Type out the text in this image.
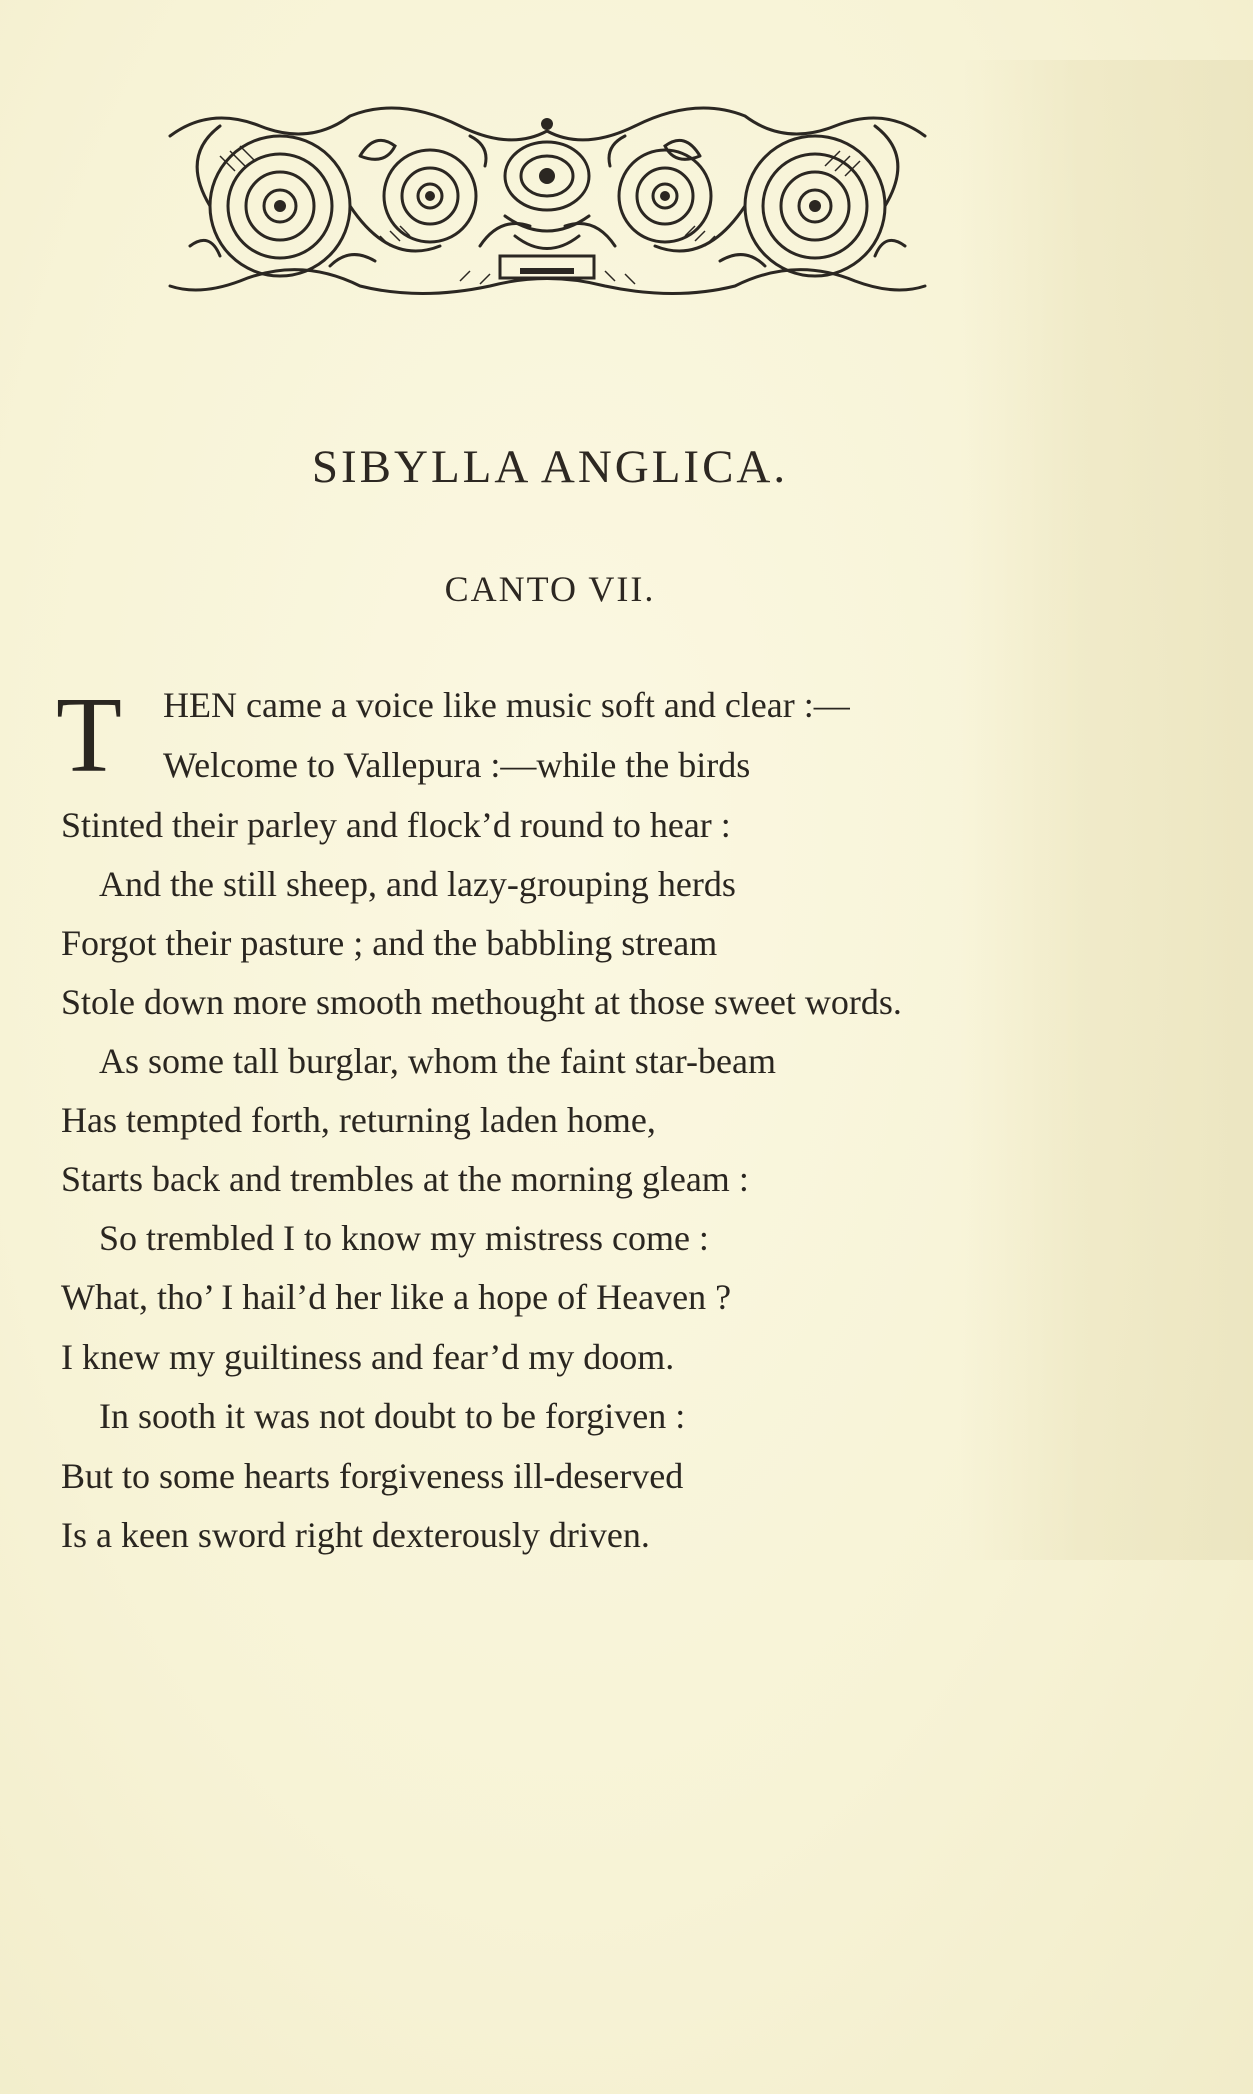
SIBYLLA ANGLICA.
CANTO VII.
T HEN came a voice like music soft and clear :—
Welcome to Vallepura :—while the birds
Stinted their parley and flock’d round to hear :
And the still sheep, and lazy-grouping herds
Forgot their pasture ; and the babbling stream
Stole down more smooth methought at those sweet words.
As some tall burglar, whom the faint star-beam
Has tempted forth, returning laden home,
Starts back and trembles at the morning gleam :
So trembled I to know my mistress come :
What, tho’ I hail’d her like a hope of Heaven ?
I knew my guiltiness and fear’d my doom.
In sooth it was not doubt to be forgiven :
But to some hearts forgiveness ill-deserved
Is a keen sword right dexterously driven.
